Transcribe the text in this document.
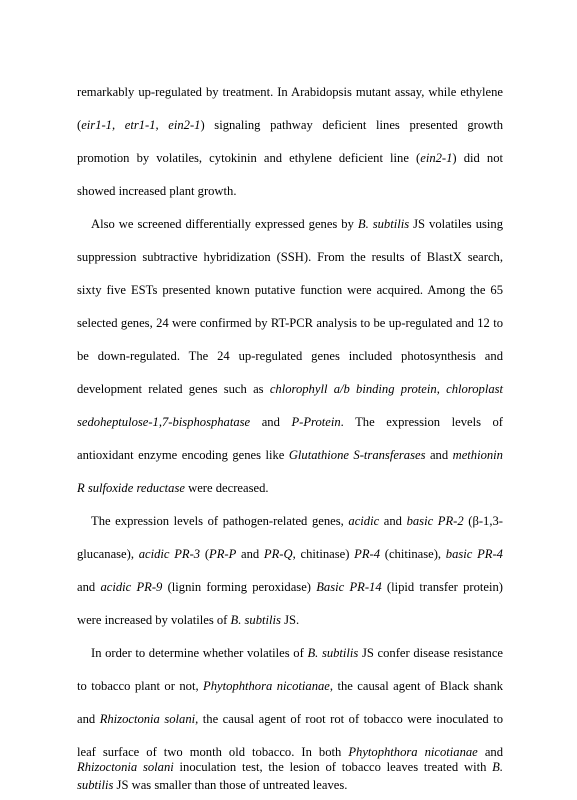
remarkably up-regulated by treatment. In Arabidopsis mutant assay, while ethylene
(eir1-1, etr1-1, ein2-1) signaling pathway deficient lines presented growth
promotion by volatiles, cytokinin and ethylene deficient line (ein2-1) did not
showed increased plant growth.
Also we screened differentially expressed genes by B. subtilis JS volatiles using
suppression subtractive hybridization (SSH). From the results of BlastX search,
sixty five ESTs presented known putative function were acquired. Among the 65
selected genes, 24 were confirmed by RT-PCR analysis to be up-regulated and 12 to
be down-regulated. The 24 up-regulated genes included photosynthesis and
development related genes such as chlorophyll a/b binding protein, chloroplast
sedoheptulose-1,7-bisphosphatase and P-Protein. The expression levels of
antioxidant enzyme encoding genes like Glutathione S-transferases and methionin
R sulfoxide reductase were decreased.
The expression levels of pathogen-related genes, acidic and basic PR-2 (β-1,3-
glucanase), acidic PR-3 (PR-P and PR-Q, chitinase) PR-4 (chitinase), basic PR-4
and acidic PR-9 (lignin forming peroxidase) Basic PR-14 (lipid transfer protein)
were increased by volatiles of B. subtilis JS.
In order to determine whether volatiles of B. subtilis JS confer disease resistance
to tobacco plant or not, Phytophthora nicotianae, the causal agent of Black shank
and Rhizoctonia solani, the causal agent of root rot of tobacco were inoculated to
leaf surface of two month old tobacco. In both Phytophthora nicotianae and
Rhizoctonia solani inoculation test, the lesion of tobacco leaves treated with B.
subtilis JS was smaller than those of untreated leaves.
